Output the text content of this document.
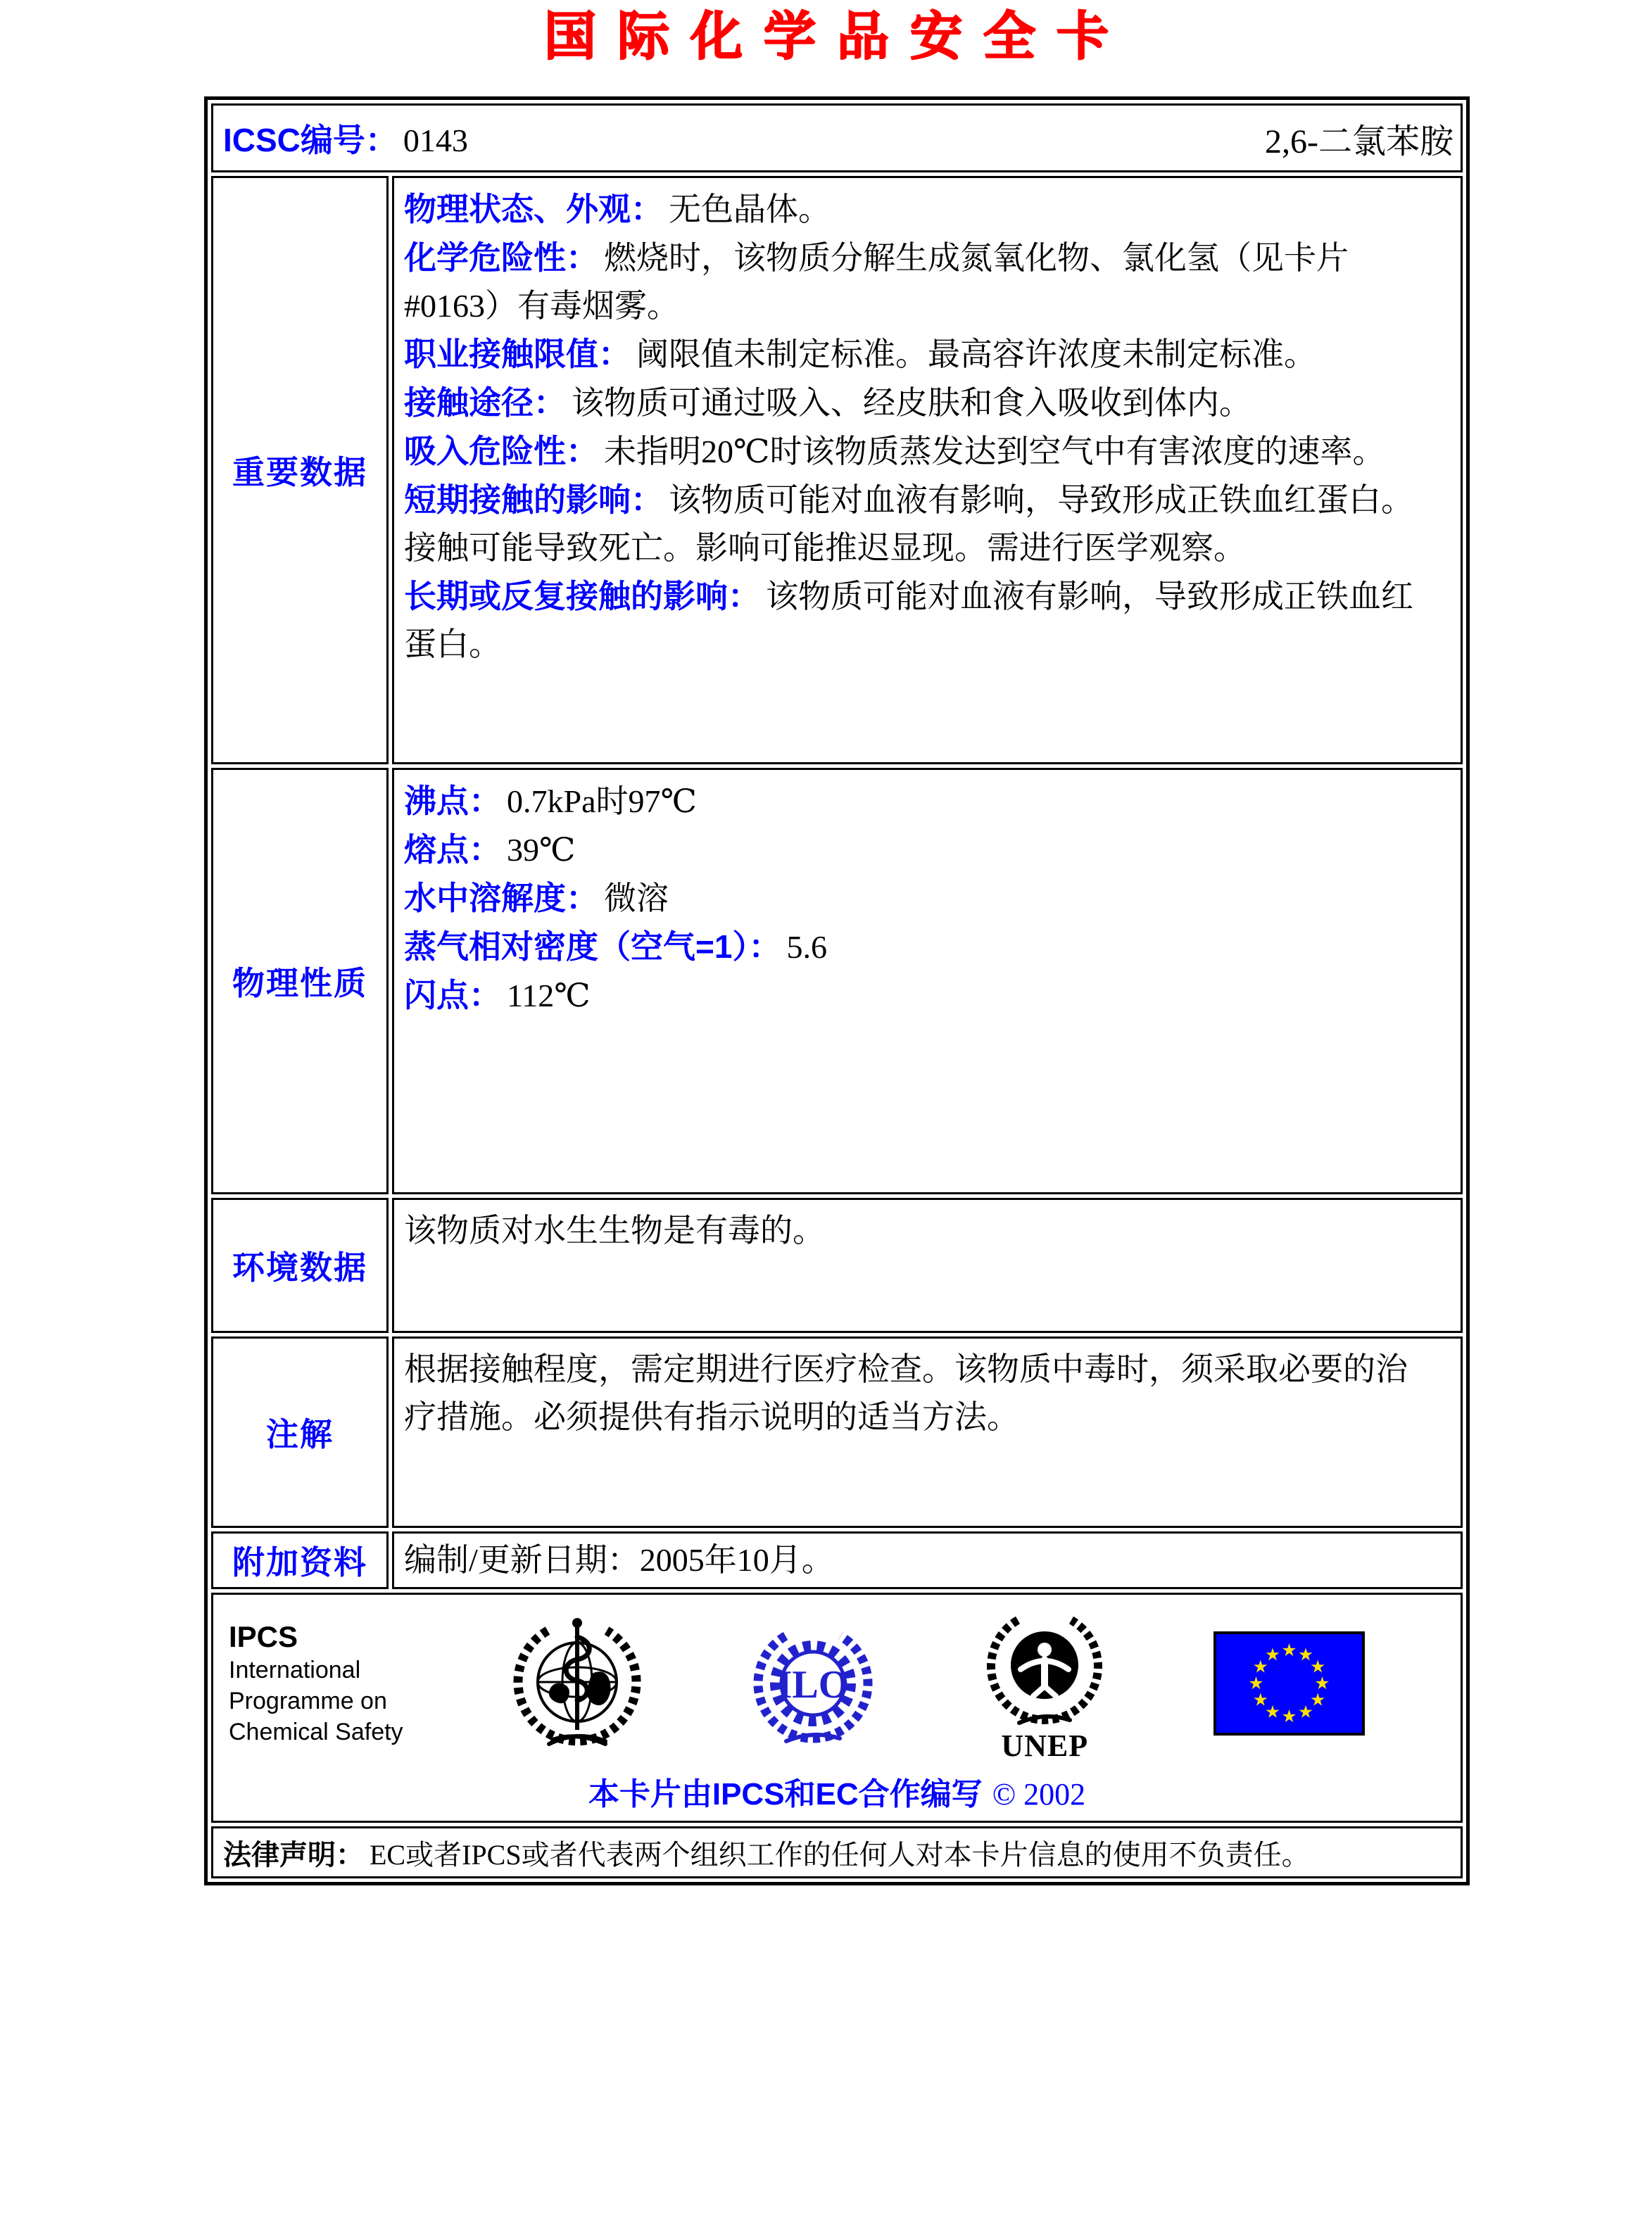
国际化学品安全卡
ICSC编号： 0143 2,6-二氯苯胺	

重要数据	
物理状态、外观： 无色晶体。
化学危险性： 燃烧时，该物质分解生成氮氧化物、氯化氢（见卡片#0163）有毒烟雾。
职业接触限值： 阈限值未制定标准。最高容许浓度未制定标准。
接触途径： 该物质可通过吸入、经皮肤和食入吸收到体内。
吸入危险性： 未指明20℃时该物质蒸发达到空气中有害浓度的速率。
短期接触的影响： 该物质可能对血液有影响，导致形成正铁血红蛋白。接触可能导致死亡。影响可能推迟显现。需进行医学观察。
长期或反复接触的影响： 该物质可能对血液有影响，导致形成正铁血红蛋白。

物理性质	沸点： 0.7kPa时97℃
熔点： 39℃
水中溶解度： 微溶
蒸气相对密度（空气=1）： 5.6
闪点： 112℃

环境数据	该物质对水生生物是有毒的。

注解	根据接触程度，需定期进行医疗检查。该物质中毒时，须采取必要的治疗措施。必须提供有指示说明的适当方法。

附加资料	编制/更新日期：2005年10月。

IPCS
International
Programme on
Chemical Safety
ILO
UNEP
本卡片由IPCS和EC合作编写 © 2002

法律声明： EC或者IPCS或者代表两个组织工作的任何人对本卡片信息的使用不负责任。	
